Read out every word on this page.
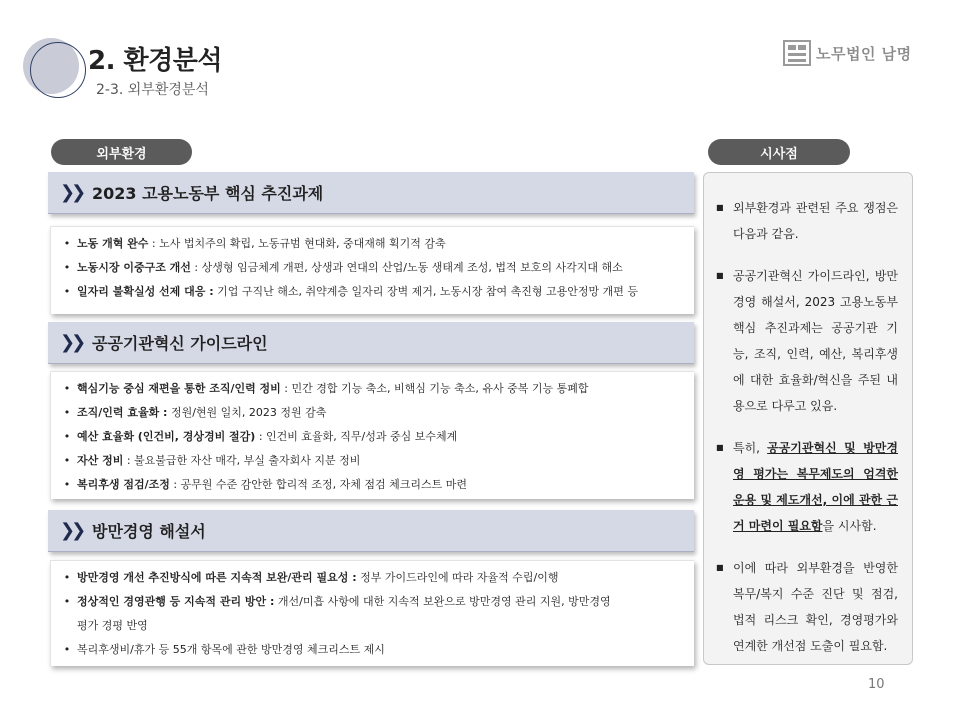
2. 환경분석
2-3. 외부환경분석
노무법인 남명
외부환경	시사점
❯❯ 2023 고용노동부 핵심 추진과제
• 노동 개혁 완수 : 노사 법치주의 확립, 노동규범 현대화, 중대재해 획기적 감축
• 노동시장 이중구조 개선 : 상생형 임금체계 개편, 상생과 연대의 산업/노동 생태계 조성, 법적 보호의 사각지대 해소
• 일자리 불확실성 선제 대응 : 기업 구직난 해소, 취약계층 일자리 장벽 제거, 노동시장 참여 촉진형 고용안정망 개편 등
❯❯ 공공기관혁신 가이드라인
• 핵심기능 중심 재편을 통한 조직/인력 정비 : 민간 경합 기능 축소, 비핵심 기능 축소, 유사 중복 기능 통폐합
• 조직/인력 효율화 : 정원/현원 일치, 2023 정원 감축
• 예산 효율화 (인건비, 경상경비 절감) : 인건비 효율화, 직무/성과 중심 보수체계
• 자산 정비 : 불요불급한 자산 매각, 부실 출자회사 지분 정비
• 복리후생 점검/조정 : 공무원 수준 감안한 합리적 조정, 자체 점검 체크리스트 마련
❯❯ 방만경영 해설서
• 방만경영 개선 추진방식에 따른 지속적 보완/관리 필요성 : 정부 가이드라인에 따라 자율적 수립/이행
• 정상적인 경영관행 등 지속적 관리 방안 : 개선/미흡 사항에 대한 지속적 보완으로 방만경영 관리 지원, 방만경영
평가 경평 반영
• 복리후생비/휴가 등 55개 항목에 관한 방만경영 체크리스트 제시
■ 외부환경과 관련된 주요 쟁점은 다음과 같음.
■ 공공기관혁신 가이드라인, 방만경영 해설서, 2023 고용노동부 핵심 추진과제는 공공기관 기능, 조직, 인력, 예산, 복리후생에 대한 효율화/혁신을 주된 내용으로 다루고 있음.
■ 특히, 공공기관혁신 및 방만경영 평가는 복무제도의 엄격한 운용 및 제도개선, 이에 관한 근거 마련이 필요함을 시사함.
■ 이에 따라 외부환경을 반영한 복무/복지 수준 진단 및 점검, 법적 리스크 확인, 경영평가와 연계한 개선점 도출이 필요함.
10
